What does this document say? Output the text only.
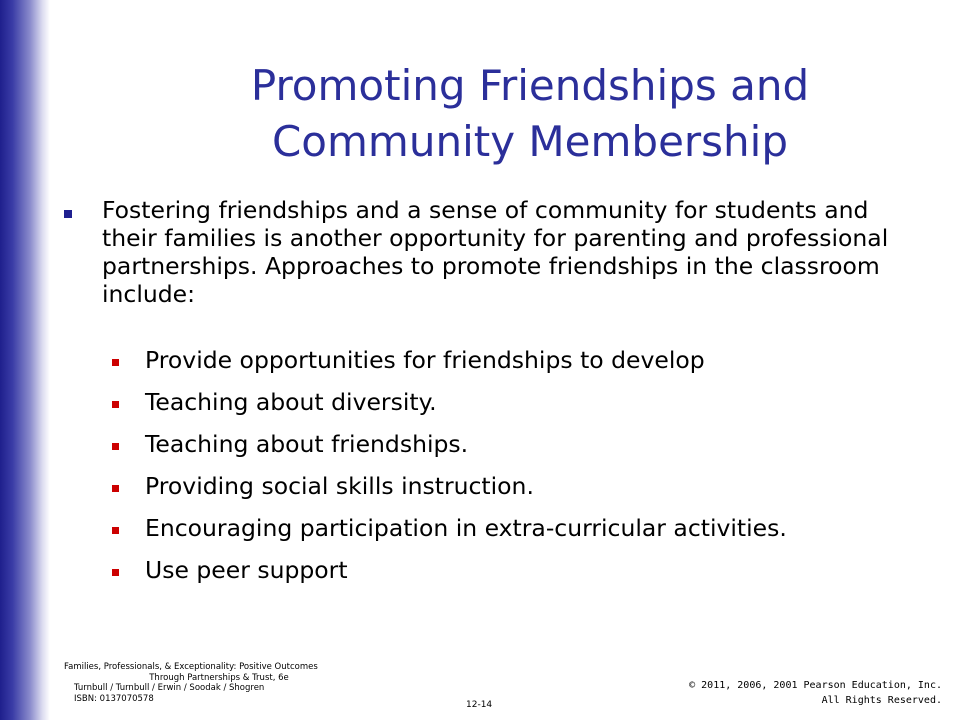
Promoting Friendships and
Community Membership
Fostering friendships and a sense of community for students and their families is another opportunity for parenting and professional partnerships. Approaches to promote friendships in the classroom include:
Provide opportunities for friendships to develop
Teaching about diversity.
Teaching about friendships.
Providing social skills instruction.
Encouraging participation in extra-curricular activities.
Use peer support
Families, Professionals, & Exceptionality: Positive Outcomes
Through Partnerships & Trust, 6e
Turnbull / Turnbull / Erwin / Soodak / Shogren
ISBN: 0137070578
12-14
© 2011, 2006, 2001 Pearson Education, Inc.
All Rights Reserved.
